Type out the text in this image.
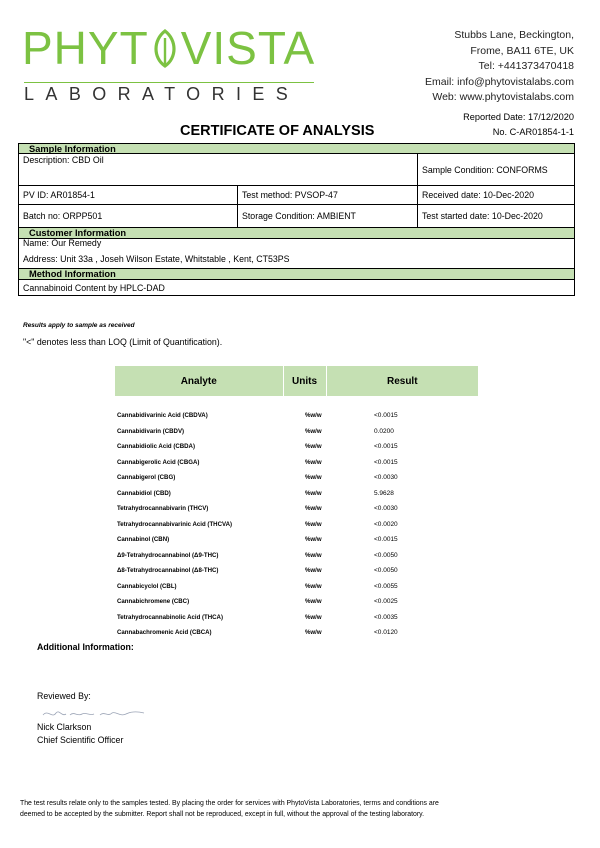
PHYT VISTA
LABORATORIES
Stubbs Lane, Beckington,
Frome, BA11 6TE, UK
Tel: +441373470418
Email: info@phytovistalabs.com
Web: www.phytovistalabs.com
Reported Date: 17/12/2020
No. C-AR01854-1-1
CERTIFICATE OF ANALYSIS
Sample Information
Description: CBD Oil
Sample Condition: CONFORMS
PV ID: AR01854-1	Test method: PVSOP-47	Received date: 10-Dec-2020
Batch no: ORPP501	Storage Condition: AMBIENT	Test started date: 10-Dec-2020
Customer Information
Name: Our Remedy
Address: Unit 33a , Joseh Wilson Estate, Whitstable , Kent, CT53PS
Method Information
Cannabinoid Content by HPLC-DAD
Results apply to sample as received
"<" denotes less than LOQ (Limit of Quantification).
Analyte	Units	Result

Cannabidivarinic Acid (CBDVA)	%w/w	<0.0015
Cannabidivarin (CBDV)	%w/w	0.0200
Cannabidiolic Acid (CBDA)	%w/w	<0.0015
Cannabigerolic Acid (CBGA)	%w/w	<0.0015
Cannabigerol (CBG)	%w/w	<0.0030
Cannabidiol (CBD)	%w/w	5.9628
Tetrahydrocannabivarin (THCV)	%w/w	<0.0030
Tetrahydrocannabivarinic Acid (THCVA)	%w/w	<0.0020
Cannabinol (CBN)	%w/w	<0.0015
Δ9-Tetrahydrocannabinol (Δ9-THC)	%w/w	<0.0050
Δ8-Tetrahydrocannabinol (Δ8-THC)	%w/w	<0.0050
Cannabicyclol (CBL)	%w/w	<0.0055
Cannabichromene (CBC)	%w/w	<0.0025
Tetrahydrocannabinolic Acid (THCA)	%w/w	<0.0035
Cannabachromenic Acid (CBCA)	%w/w	<0.0120
Additional Information:
Reviewed By:
Nick Clarkson
Chief Scientific Officer
The test results relate only to the samples tested. By placing the order for services with PhytoVista Laboratories, terms and conditions are
deemed to be accepted by the submitter. Report shall not be reproduced, except in full, without the approval of the testing laboratory.
